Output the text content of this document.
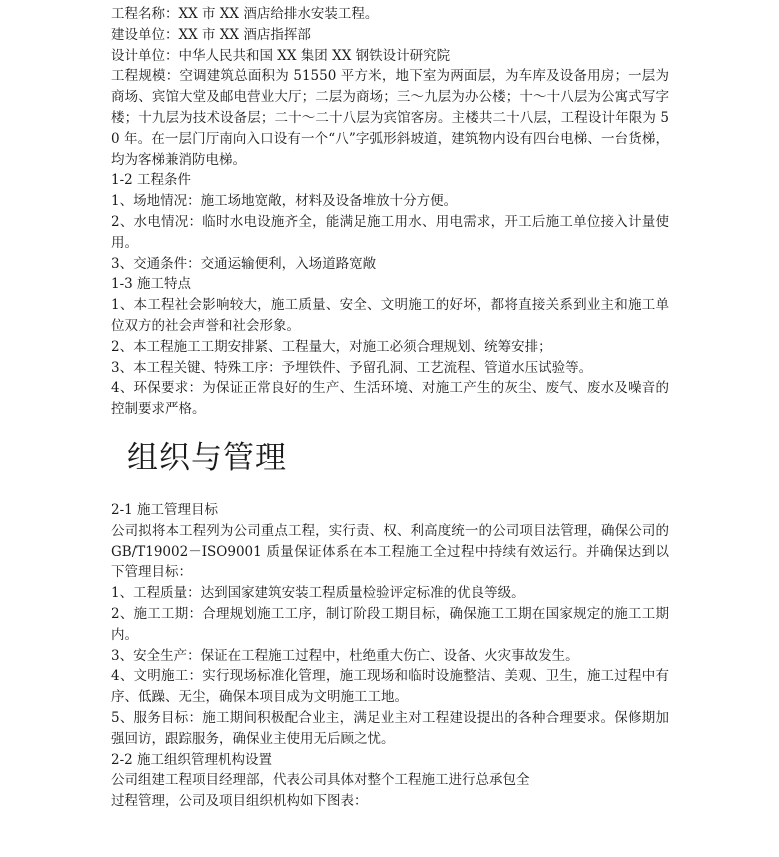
工程名称：XX 市 XX 酒店给排水安装工程。

建设单位：XX 市 XX 酒店指挥部

设计单位：中华人民共和国 XX 集团 XX 钢铁设计研究院

工程规模：空调建筑总面积为 51550 平方米，地下室为两面层，为车库及设备用房；一层为商场、宾馆大堂及邮电营业大厅；二层为商场；三～九层为办公楼；十～十八层为公寓式写字楼；十九层为技术设备层；二十～二十八层为宾馆客房。主楼共二十八层，工程设计年限为 50 年。在一层门厅南向入口设有一个“八”字弧形斜坡道，建筑物内设有四台电梯、一台货梯，均为客梯兼消防电梯。

1-2 工程条件

1、场地情况：施工场地宽敞，材料及设备堆放十分方便。

2、水电情况：临时水电设施齐全，能满足施工用水、用电需求，开工后施工单位接入计量使用。

3、交通条件：交通运输便利，入场道路宽敞

1-3 施工特点

1、本工程社会影响较大，施工质量、安全、文明施工的好坏，都将直接关系到业主和施工单位双方的社会声誉和社会形象。

2、本工程施工工期安排紧、工程量大，对施工必须合理规划、统筹安排；

3、本工程关键、特殊工序：予埋铁件、予留孔洞、工艺流程、管道水压试验等。

4、环保要求：为保证正常良好的生产、生活环境、对施工产生的灰尘、废气、废水及噪音的控制要求严格。

组织与管理

2-1 施工管理目标

公司拟将本工程列为公司重点工程，实行责、权、利高度统一的公司项目法管理，确保公司的 GB/T19002－ISO9001 质量保证体系在本工程施工全过程中持续有效运行。并确保达到以下管理目标：

1、工程质量：达到国家建筑安装工程质量检验评定标准的优良等级。

2、施工工期：合理规划施工工序，制订阶段工期目标，确保施工工期在国家规定的施工工期内。

3、安全生产：保证在工程施工过程中，杜绝重大伤亡、设备、火灾事故发生。

4、文明施工：实行现场标准化管理，施工现场和临时设施整洁、美观、卫生，施工过程中有序、低躁、无尘，确保本项目成为文明施工工地。

5、服务目标：施工期间积极配合业主，满足业主对工程建设提出的各种合理要求。保修期加强回访，跟踪服务，确保业主使用无后顾之忧。

2-2 施工组织管理机构设置

公司组建工程项目经理部，代表公司具体对整个工程施工进行总承包全

过程管理，公司及项目组织机构如下图表：
